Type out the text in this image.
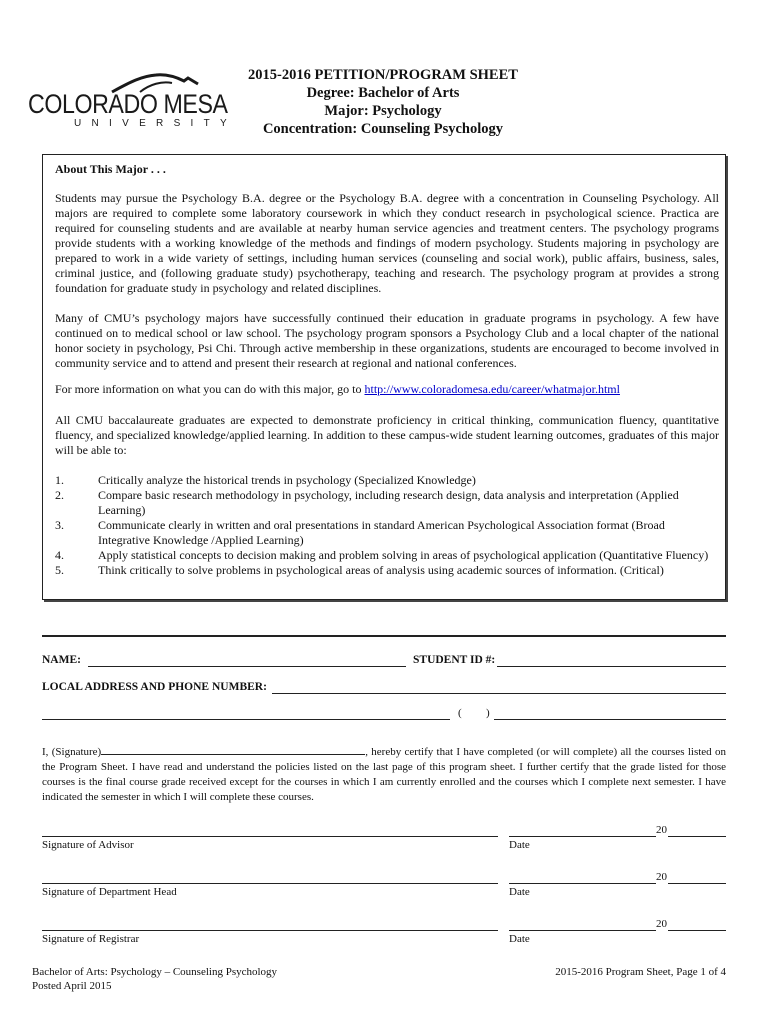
COLORADO MESA
UNIVERSITY
2015-2016 PETITION/PROGRAM SHEET
Degree: Bachelor of Arts
Major: Psychology
Concentration: Counseling Psychology
About This Major . . .
Students may pursue the Psychology B.A. degree or the Psychology B.A. degree with a concentration in Counseling Psychology. All majors are required to complete some laboratory coursework in which they conduct research in psychological science. Practica are required for counseling students and are available at nearby human service agencies and treatment centers. The psychology programs provide students with a working knowledge of the methods and findings of modern psychology. Students majoring in psychology are prepared to work in a wide variety of settings, including human services (counseling and social work), public affairs, business, sales, criminal justice, and (following graduate study) psychotherapy, teaching and research. The psychology program at provides a strong foundation for graduate study in psychology and related disciplines.
Many of CMU’s psychology majors have successfully continued their education in graduate programs in psychology. A few have continued on to medical school or law school. The psychology program sponsors a Psychology Club and a local chapter of the national honor society in psychology, Psi Chi. Through active membership in these organizations, students are encouraged to become involved in community service and to attend and present their research at regional and national conferences.
For more information on what you can do with this major, go to http://www.coloradomesa.edu/career/whatmajor.html
All CMU baccalaureate graduates are expected to demonstrate proficiency in critical thinking, communication fluency, quantitative fluency, and specialized knowledge/applied learning. In addition to these campus-wide student learning outcomes, graduates of this major will be able to:
1.	Critically analyze the historical trends in psychology (Specialized Knowledge)
2.	Compare basic research methodology in psychology, including research design, data analysis and interpretation (Applied Learning)
3.	Communicate clearly in written and oral presentations in standard American Psychological Association format (Broad Integrative Knowledge /Applied Learning)
4.	Apply statistical concepts to decision making and problem solving in areas of psychological application (Quantitative Fluency)
5.	Think critically to solve problems in psychological areas of analysis using academic sources of information. (Critical)
NAME:	STUDENT ID #:
LOCAL ADDRESS AND PHONE NUMBER:
( )
I, (Signature)	, hereby certify that I have completed (or will complete) all the courses listed on the Program Sheet. I have read and understand the policies listed on the last page of this program sheet. I further certify that the grade listed for those courses is the final course grade received except for the courses in which I am currently enrolled and the courses which I complete next semester. I have indicated the semester in which I will complete these courses.
Signature of Advisor
20
Date
Signature of Department Head
20
Date
Signature of Registrar
20
Date
Bachelor of Arts: Psychology – Counseling Psychology
Posted April 2015
2015-2016 Program Sheet, Page 1 of 4
